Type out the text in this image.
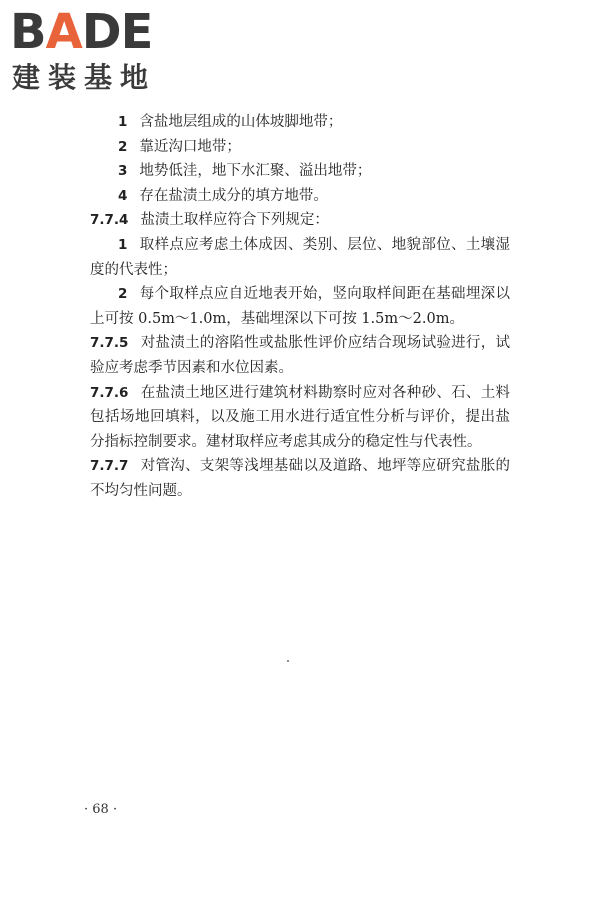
BADE
建装基地

1 含盐地层组成的山体坡脚地带；

2 靠近沟口地带；

3 地势低洼，地下水汇聚、溢出地带；

4 存在盐渍土成分的填方地带。

7.7.4 盐渍土取样应符合下列规定：

1 取样点应考虑土体成因、类别、层位、地貌部位、土壤湿度的代表性；

2 每个取样点应自近地表开始，竖向取样间距在基础埋深以上可按 0.5m～1.0m，基础埋深以下可按 1.5m～2.0m。

7.7.5 对盐渍土的溶陷性或盐胀性评价应结合现场试验进行，试验应考虑季节因素和水位因素。

7.7.6 在盐渍土地区进行建筑材料勘察时应对各种砂、石、土料包括场地回填料，以及施工用水进行适宜性分析与评价，提出盐分指标控制要求。建材取样应考虑其成分的稳定性与代表性。

7.7.7 对管沟、支架等浅埋基础以及道路、地坪等应研究盐胀的不均匀性问题。

· 68 ·
